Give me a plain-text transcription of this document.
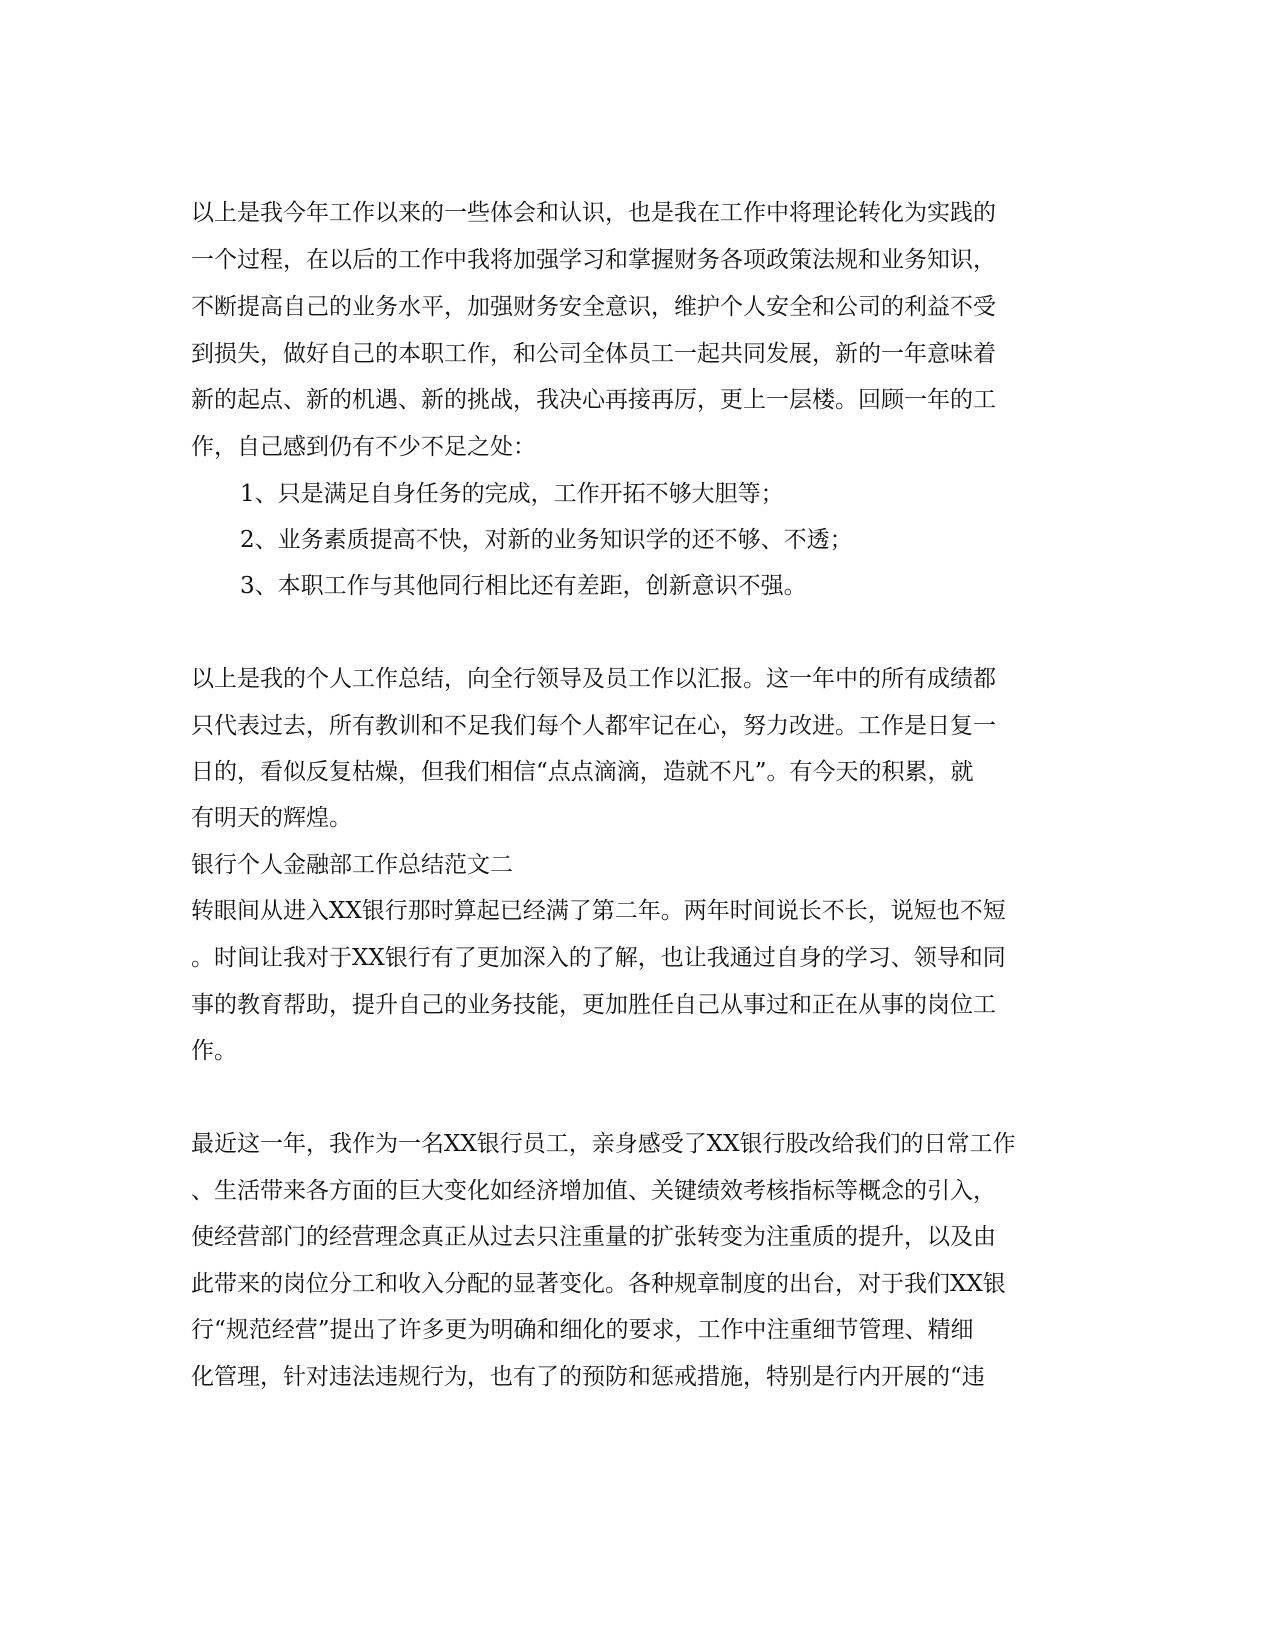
以上是我今年工作以来的一些体会和认识，也是我在工作中将理论转化为实践的
一个过程，在以后的工作中我将加强学习和掌握财务各项政策法规和业务知识，
不断提高自己的业务水平，加强财务安全意识，维护个人安全和公司的利益不受
到损失，做好自己的本职工作，和公司全体员工一起共同发展，新的一年意味着
新的起点、新的机遇、新的挑战，我决心再接再厉，更上一层楼。回顾一年的工
作，自己感到仍有不少不足之处：
1、只是满足自身任务的完成，工作开拓不够大胆等；
2、业务素质提高不快，对新的业务知识学的还不够、不透；
3、本职工作与其他同行相比还有差距，创新意识不强。
以上是我的个人工作总结，向全行领导及员工作以汇报。这一年中的所有成绩都
只代表过去，所有教训和不足我们每个人都牢记在心，努力改进。工作是日复一
日的，看似反复枯燥，但我们相信“点点滴滴，造就不凡”。有今天的积累，就
有明天的辉煌。
银行个人金融部工作总结范文二
转眼间从进入XX银行那时算起已经满了第二年。两年时间说长不长，说短也不短
。时间让我对于XX银行有了更加深入的了解，也让我通过自身的学习、领导和同
事的教育帮助，提升自己的业务技能，更加胜任自己从事过和正在从事的岗位工
作。
最近这一年，我作为一名XX银行员工，亲身感受了XX银行股改给我们的日常工作
、生活带来各方面的巨大变化如经济增加值、关键绩效考核指标等概念的引入，
使经营部门的经营理念真正从过去只注重量的扩张转变为注重质的提升，以及由
此带来的岗位分工和收入分配的显著变化。各种规章制度的出台，对于我们XX银
行“规范经营”提出了许多更为明确和细化的要求，工作中注重细节管理、精细
化管理，针对违法违规行为，也有了的预防和惩戒措施，特别是行内开展的“违
